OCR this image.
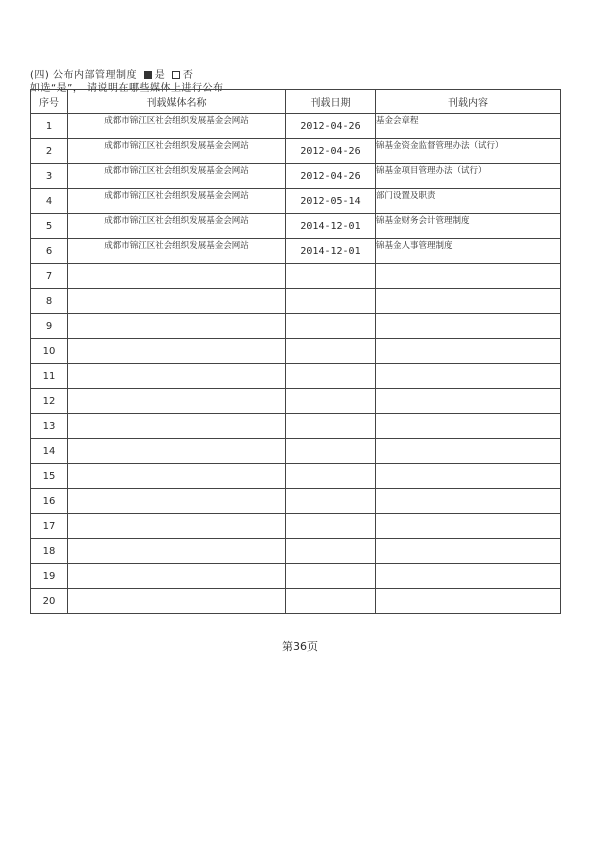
(四) 公布内部管理制度 是 否
如选“是”， 请说明在哪些媒体上进行公布
序号	刊载媒体名称	刊载日期	刊载内容
1	成都市锦江区社会组织发展基金会网站	2012-04-26	基金会章程
2	成都市锦江区社会组织发展基金会网站	2012-04-26	锦基金资金监督管理办法（试行）
3	成都市锦江区社会组织发展基金会网站	2012-04-26	锦基金项目管理办法（试行）
4	成都市锦江区社会组织发展基金会网站	2012-05-14	部门设置及职责
5	成都市锦江区社会组织发展基金会网站	2014-12-01	锦基金财务会计管理制度
6	成都市锦江区社会组织发展基金会网站	2014-12-01	锦基金人事管理制度
7			
8			
9			
10			
11			
12			
13			
14			
15			
16			
17			
18			
19			
20			
第36页
